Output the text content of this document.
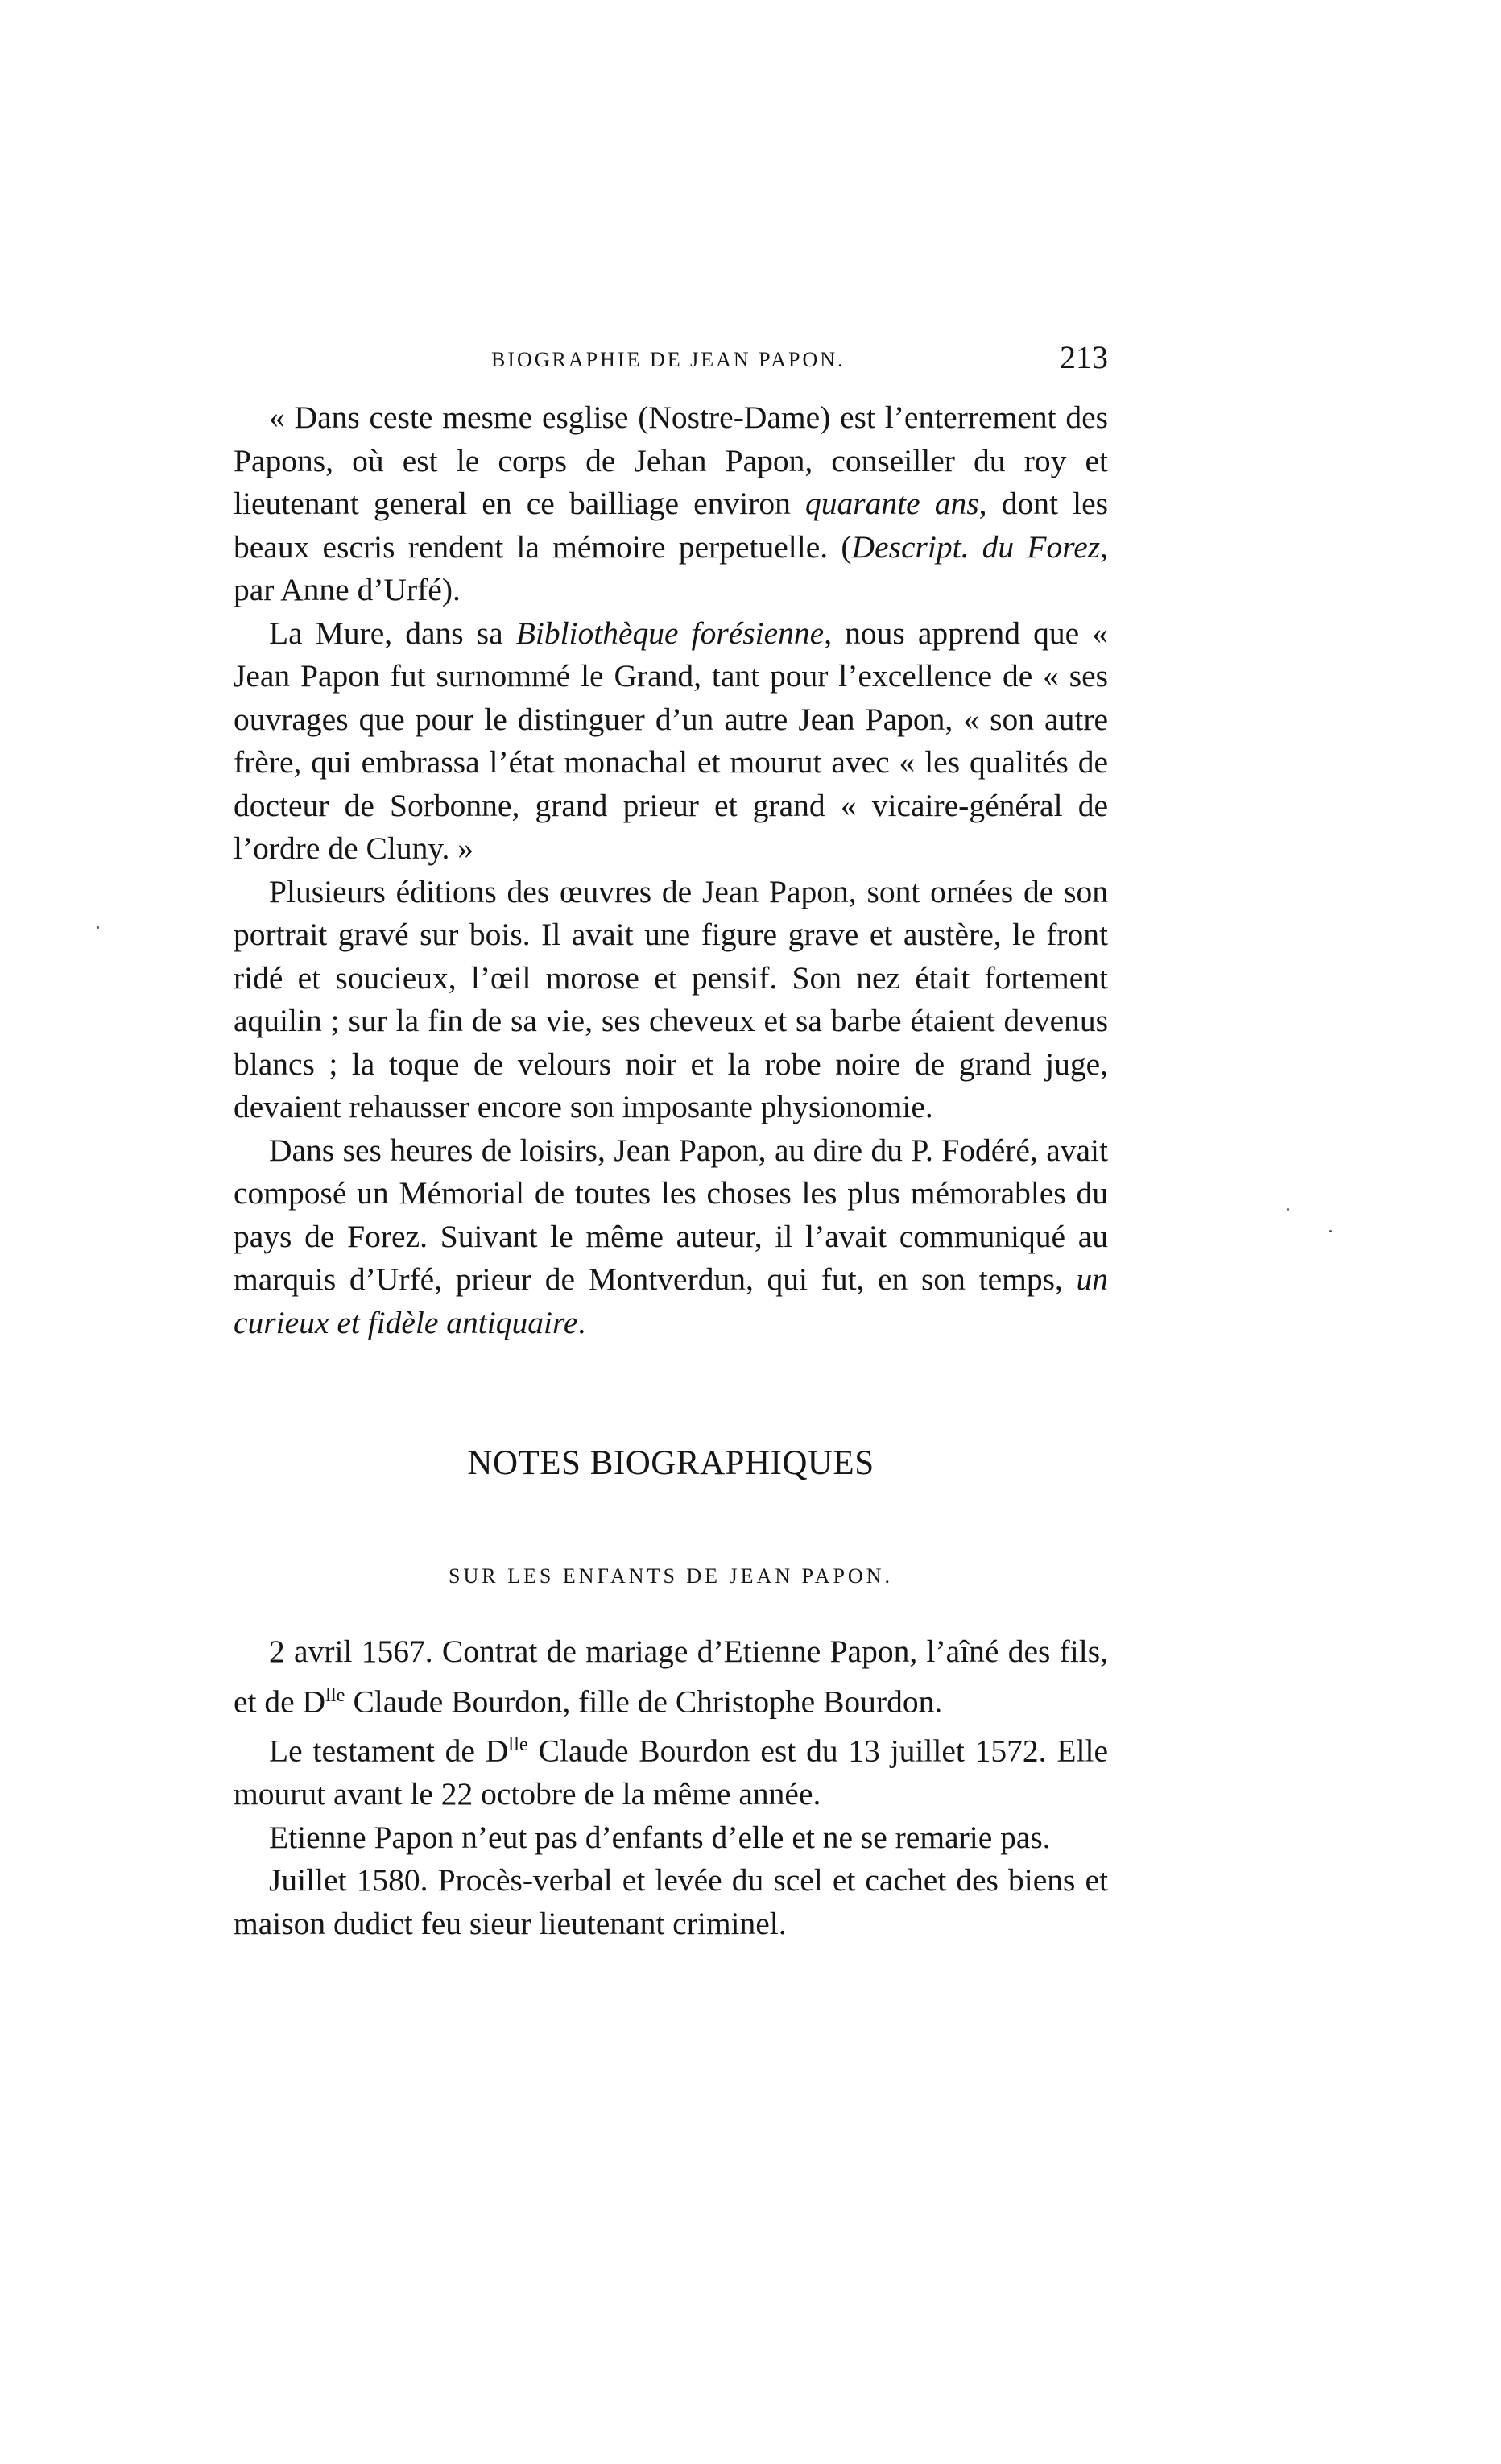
BIOGRAPHIE DE JEAN PAPON.	213

« Dans ceste mesme esglise (Nostre-Dame) est l’enterrement des Papons, où est le corps de Jehan Papon, conseiller du roy et lieutenant general en ce bailliage environ quarante ans, dont les beaux escris rendent la mémoire perpetuelle. (Descript. du Forez, par Anne d’Urfé).

La Mure, dans sa Bibliothèque forésienne, nous apprend que « Jean Papon fut surnommé le Grand, tant pour l’excellence de « ses ouvrages que pour le distinguer d’un autre Jean Papon, « son autre frère, qui embrassa l’état monachal et mourut avec « les qualités de docteur de Sorbonne, grand prieur et grand « vicaire-général de l’ordre de Cluny. »

Plusieurs éditions des œuvres de Jean Papon, sont ornées de son portrait gravé sur bois. Il avait une figure grave et austère, le front ridé et soucieux, l’œil morose et pensif. Son nez était fortement aquilin ; sur la fin de sa vie, ses cheveux et sa barbe étaient devenus blancs ; la toque de velours noir et la robe noire de grand juge, devaient rehausser encore son imposante physionomie.

Dans ses heures de loisirs, Jean Papon, au dire du P. Fodéré, avait composé un Mémorial de toutes les choses les plus mémorables du pays de Forez. Suivant le même auteur, il l’avait communiqué au marquis d’Urfé, prieur de Montverdun, qui fut, en son temps, un curieux et fidèle antiquaire.

NOTES BIOGRAPHIQUES
SUR LES ENFANTS DE JEAN PAPON.

2 avril 1567. Contrat de mariage d’Etienne Papon, l’aîné des fils, et de $D^{lle}$ Claude Bourdon, fille de Christophe Bourdon.

Le testament de $D^{lle}$ Claude Bourdon est du 13 juillet 1572. Elle mourut avant le 22 octobre de la même année.

Etienne Papon n’eut pas d’enfants d’elle et ne se remarie pas.

Juillet 1580. Procès-verbal et levée du scel et cachet des biens et maison dudict feu sieur lieutenant criminel.
